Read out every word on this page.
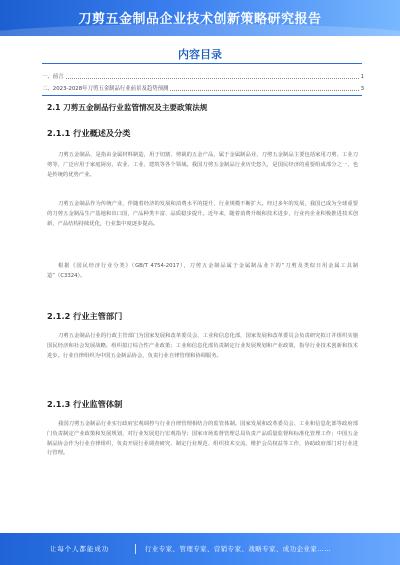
刀剪五金制品企业技术创新策略研究报告
内容目录
一、前言	1
二、2023-2028年刀剪五金制品行业前景及趋势预测	3
2.1 刀剪五金制品行业监管情况及主要政策法规
2.1.1 行业概述及分类

刀剪五金制品，是指由金属材料制造，用于切割、剪裁的五金产品，属于金属制品业，刀剪五金制品主要包括家用刀剪、工业刀剪等，广泛应用于家庭厨房、农业、工业、建筑等各个领域。我国刀剪五金制品行业历史悠久，是国民经济的重要组成部分之一，也是传统的优势产业。

刀剪五金制品作为传统产业，伴随着经济的发展和消费水平的提升，行业规模不断扩大。经过多年的发展，我国已成为全球重要的刀剪五金制品生产基地和出口国，产品种类丰富、品质稳步提升。近年来，随着消费升级和技术进步，行业内企业积极推进技术创新，产品结构持续优化，行业集中度逐步提高。

根据《国民经济行业分类》（GB/T 4754-2017），刀剪五金制品属于金属制品业下的“刀剪及类似日用金属工具制造”（C3324）。

2.1.2 行业主管部门

刀剪五金制品行业的行政主管部门为国家发展和改革委员会、工业和信息化部，国家发展和改革委员会负责研究拟订并组织实施国民经济和社会发展战略，组织拟订综合性产业政策；工业和信息化部负责制定行业发展规划和产业政策，指导行业技术创新和技术进步。行业自律组织为中国五金制品协会，负责行业自律管理和协调服务。

2.1.3 行业监管体制

我国刀剪五金制品行业实行政府宏观调控与行业自律管理相结合的监管体制。国家发展和改革委员会、工业和信息化部等政府部门负责制定产业政策和发展规划，对行业发展进行宏观指导；国家市场监督管理总局负责产品质量监督和标准化管理工作；中国五金制品协会作为行业自律组织，负责开展行业调查研究、制定行业规范、组织技术交流、维护会员权益等工作，协助政府部门对行业进行管理。

让每个人都能成功	行业专家、管理专家、营销专家、战略专家、成功企业家……
